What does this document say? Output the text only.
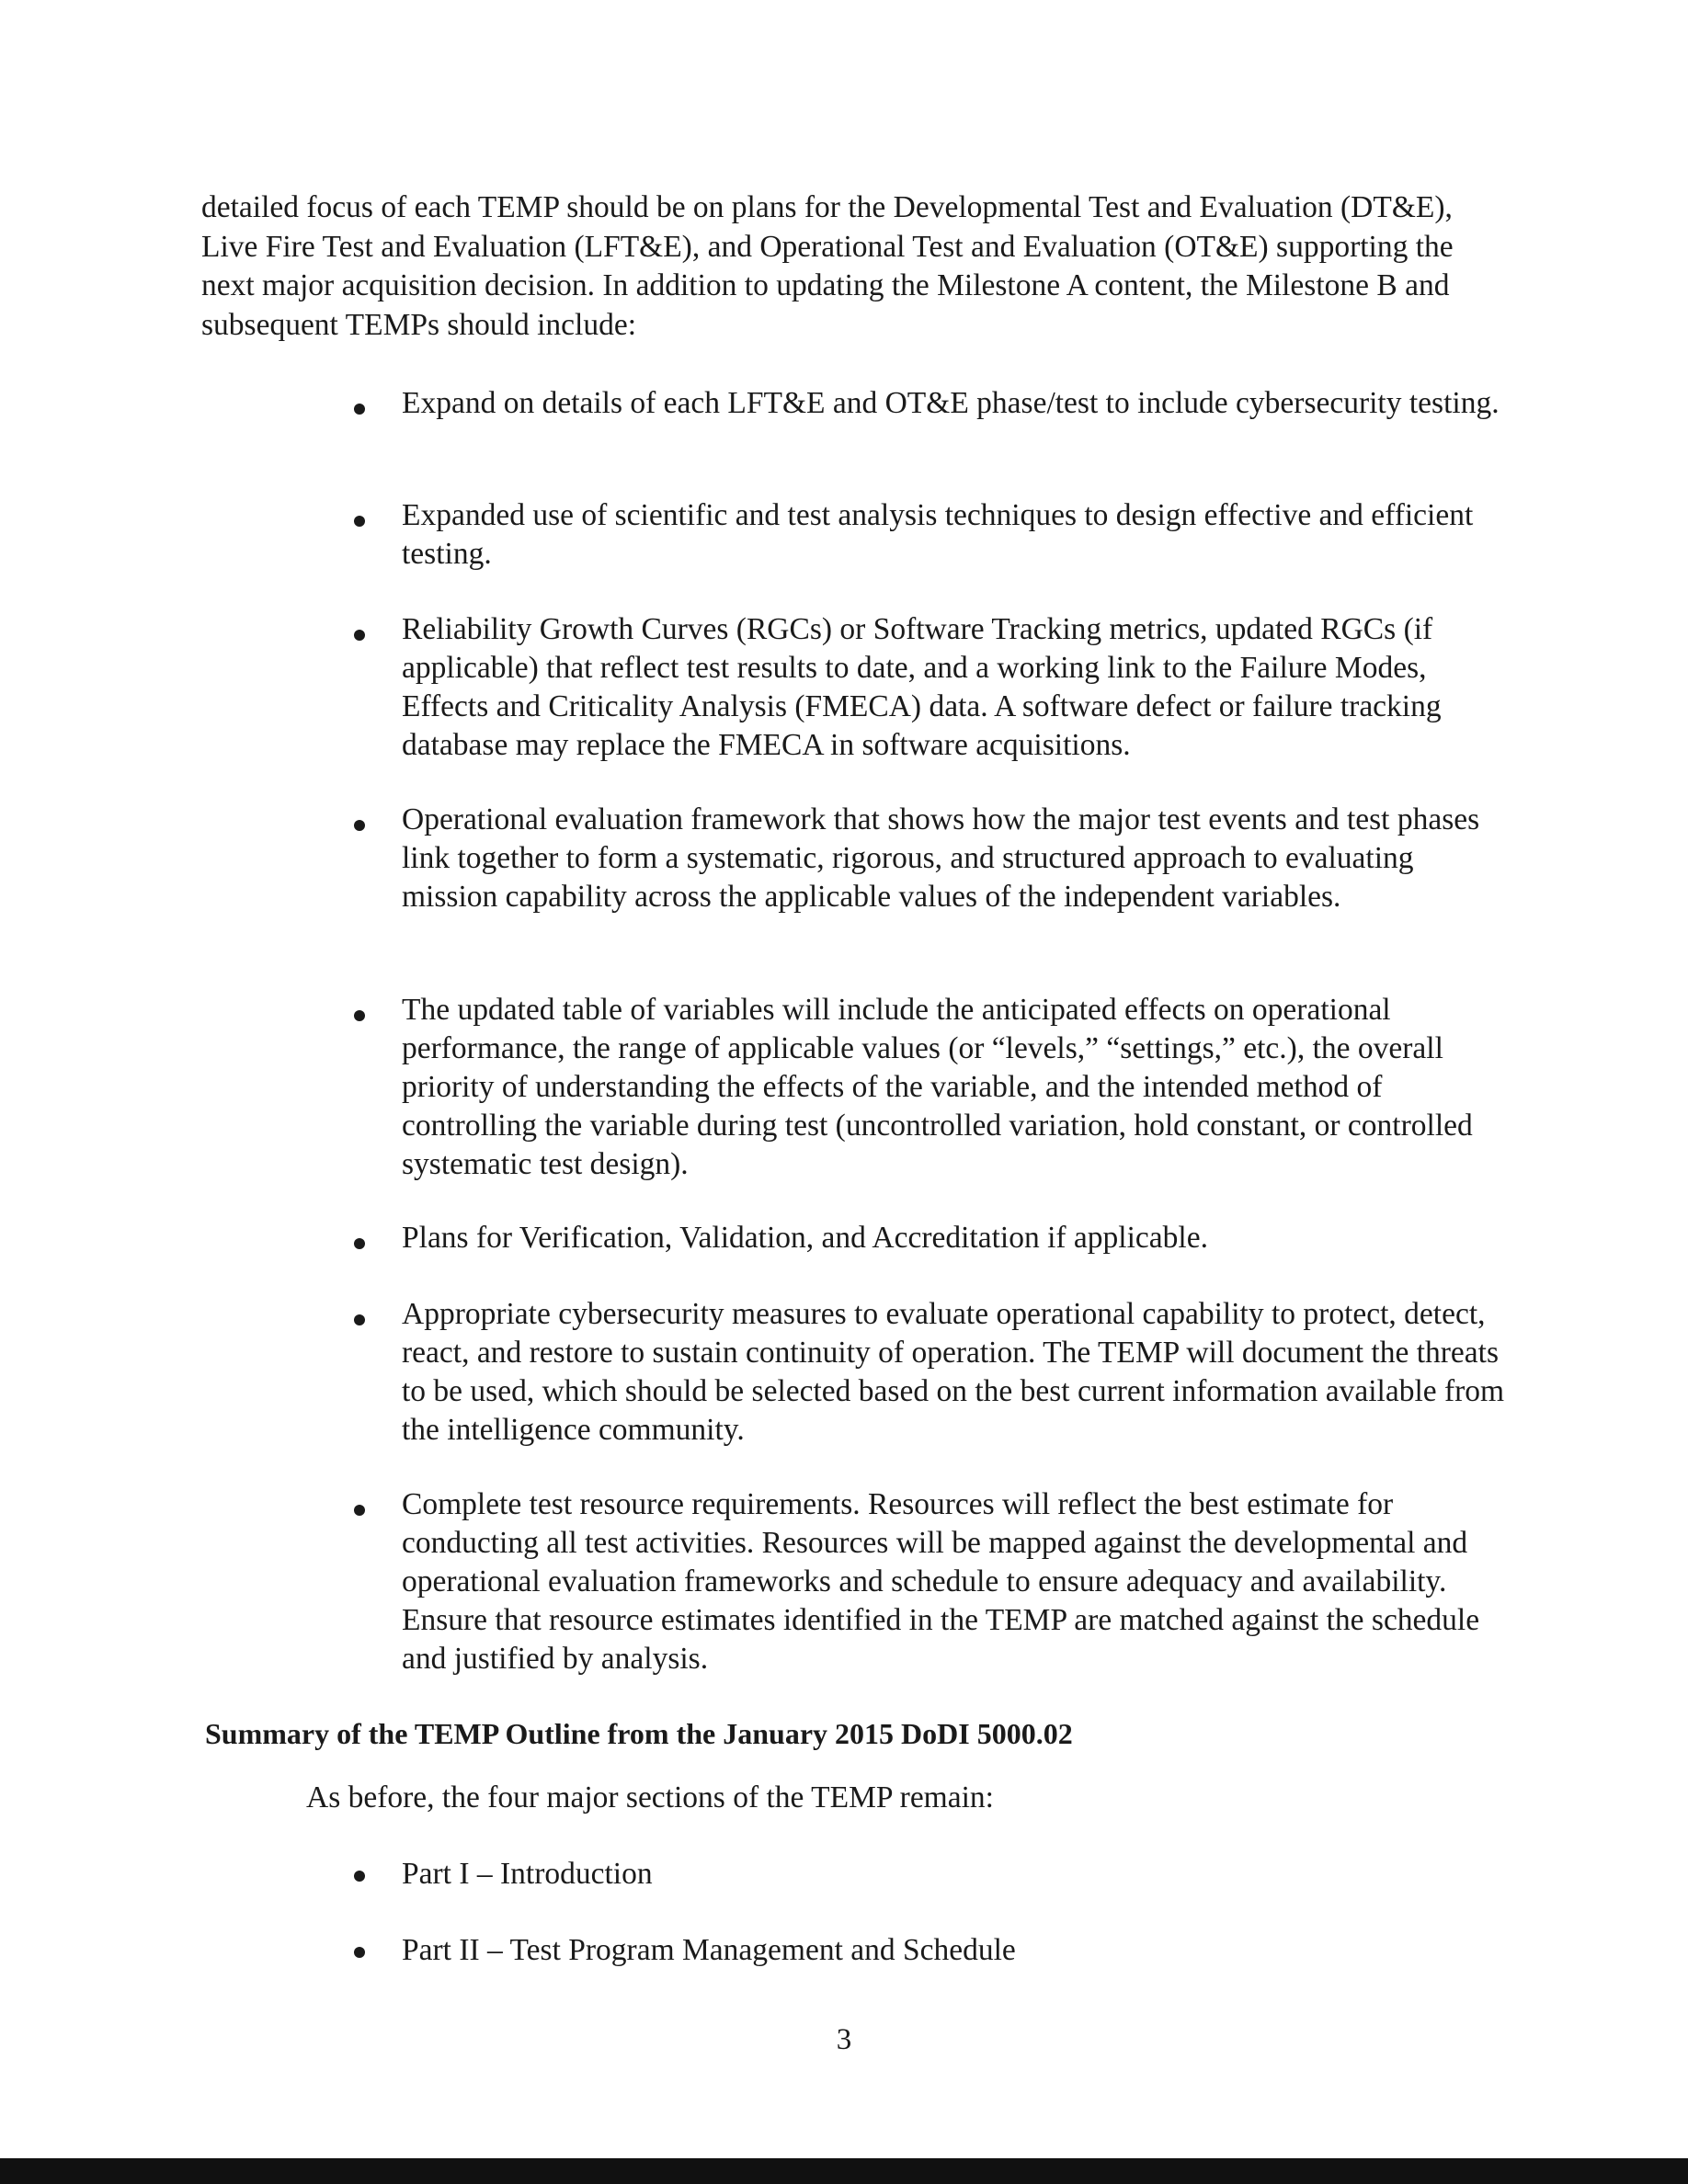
detailed focus of each TEMP should be on plans for the Developmental Test and Evaluation (DT&E), Live Fire Test and Evaluation (LFT&E), and Operational Test and Evaluation (OT&E) supporting the next major acquisition decision. In addition to updating the Milestone A content, the Milestone B and subsequent TEMPs should include:

Expand on details of each LFT&E and OT&E phase/test to include cybersecurity testing.

Expanded use of scientific and test analysis techniques to design effective and efficient testing.

Reliability Growth Curves (RGCs) or Software Tracking metrics, updated RGCs (if applicable) that reflect test results to date, and a working link to the Failure Modes, Effects and Criticality Analysis (FMECA) data. A software defect or failure tracking database may replace the FMECA in software acquisitions.

Operational evaluation framework that shows how the major test events and test phases link together to form a systematic, rigorous, and structured approach to evaluating mission capability across the applicable values of the independent variables.

The updated table of variables will include the anticipated effects on operational performance, the range of applicable values (or “levels,” “settings,” etc.), the overall priority of understanding the effects of the variable, and the intended method of controlling the variable during test (uncontrolled variation, hold constant, or controlled systematic test design).

Plans for Verification, Validation, and Accreditation if applicable.

Appropriate cybersecurity measures to evaluate operational capability to protect, detect, react, and restore to sustain continuity of operation. The TEMP will document the threats to be used, which should be selected based on the best current information available from the intelligence community.

Complete test resource requirements. Resources will reflect the best estimate for conducting all test activities. Resources will be mapped against the developmental and operational evaluation frameworks and schedule to ensure adequacy and availability. Ensure that resource estimates identified in the TEMP are matched against the schedule and justified by analysis.

Summary of the TEMP Outline from the January 2015 DoDI 5000.02

As before, the four major sections of the TEMP remain:

Part I – Introduction

Part II – Test Program Management and Schedule

3
